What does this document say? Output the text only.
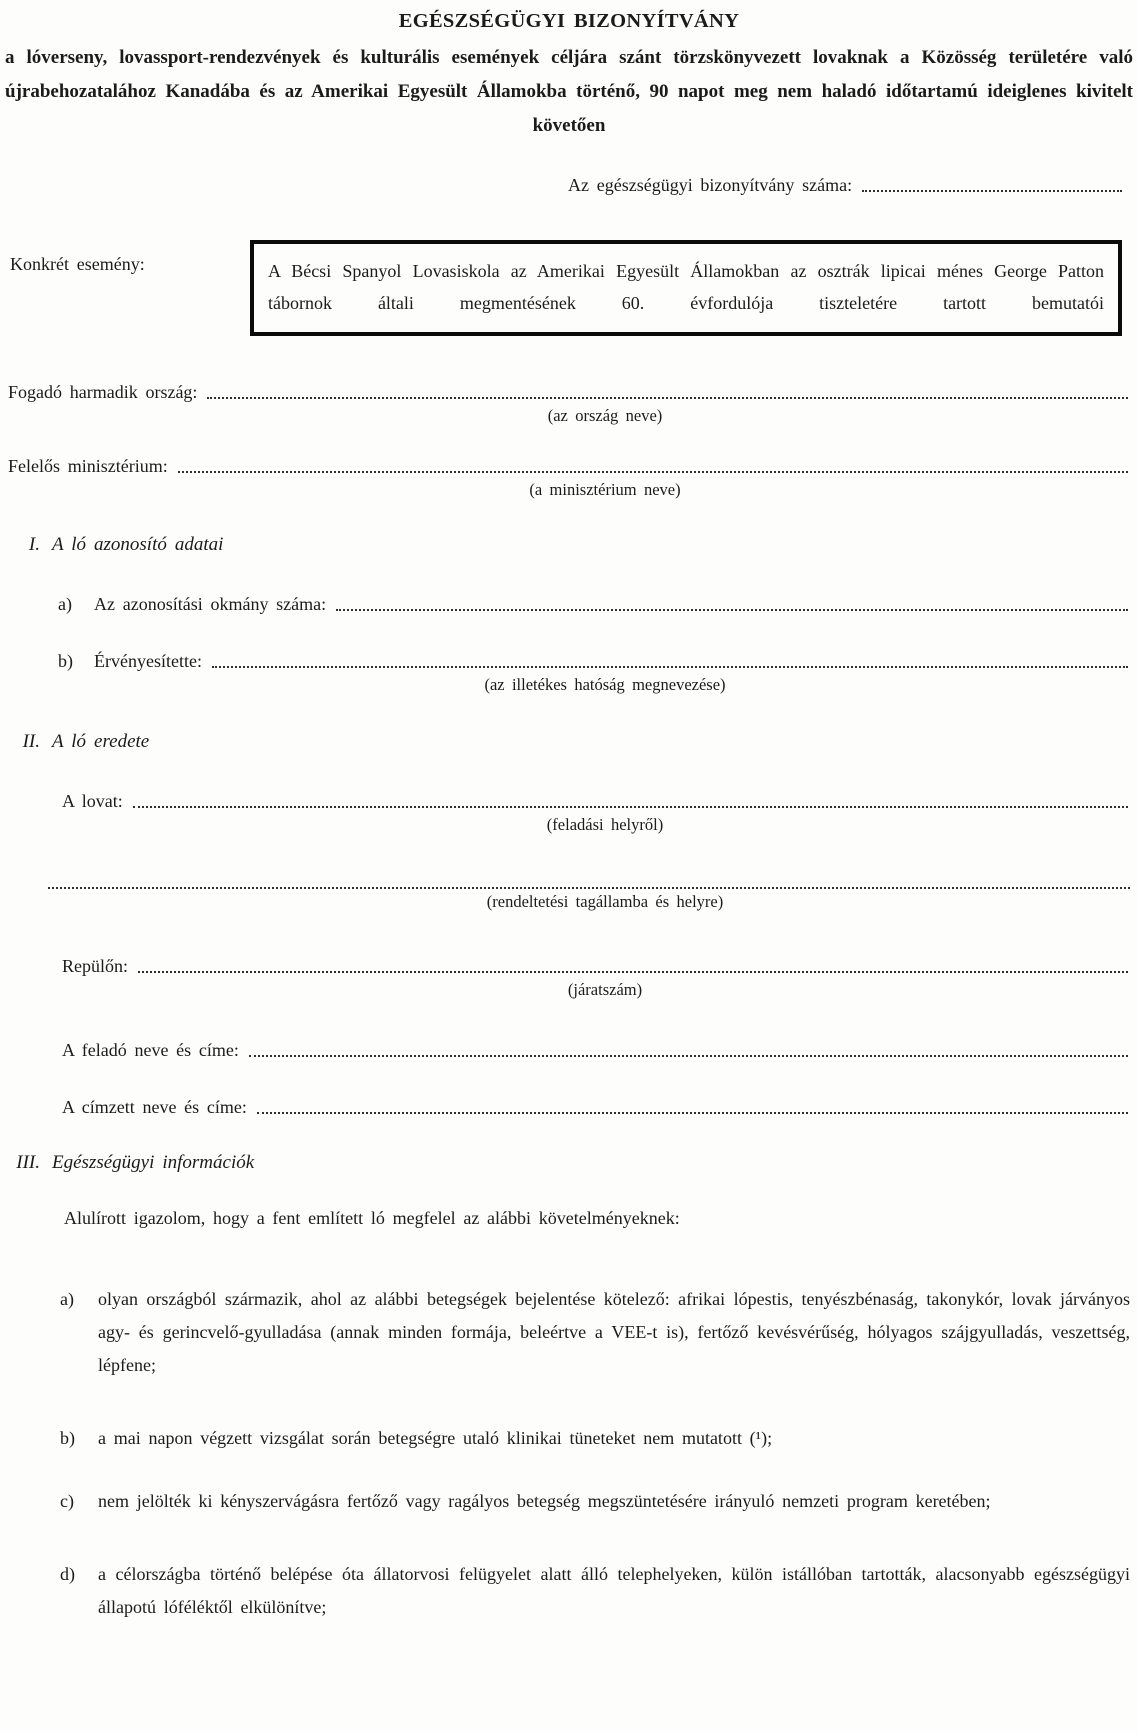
EGÉSZSÉGÜGYI BIZONYÍTVÁNY
a lóverseny, lovassport-rendezvények és kulturális események céljára szánt törzskönyvezett lovaknak a Közösség területére való újrabehozatalához Kanadába és az Amerikai Egyesült Államokba történő, 90 napot meg nem haladó időtartamú ideiglenes kivitelt követően
Az egészségügyi bizonyítvány száma:
Konkrét esemény:	A Bécsi Spanyol Lovasiskola az Amerikai Egyesült Államokban az osztrák lipicai ménes George Patton tábornok általi megmentésének 60. évfordulója tiszteletére tartott bemutatói
Fogadó harmadik ország:
(az ország neve)
Felelős minisztérium:
(a minisztérium neve)
I. A ló azonosító adatai
a)	Az azonosítási okmány száma:
b)	Érvényesítette:
(az illetékes hatóság megnevezése)
II. A ló eredete
A lovat:
(feladási helyről)
(rendeltetési tagállamba és helyre)
Repülőn:
(járatszám)
A feladó neve és címe:
A címzett neve és címe:
III. Egészségügyi információk
Alulírott igazolom, hogy a fent említett ló megfelel az alábbi követelményeknek:
a)	olyan országból származik, ahol az alábbi betegségek bejelentése kötelező: afrikai lópestis, tenyészbénaság, takonykór, lovak járványos agy- és gerincvelő-gyulladása (annak minden formája, beleértve a VEE-t is), fertőző kevésvérűség, hólyagos szájgyulladás, veszettség, lépfene;
b)	a mai napon végzett vizsgálat során betegségre utaló klinikai tüneteket nem mutatott (¹);
c)	nem jelölték ki kényszervágásra fertőző vagy ragályos betegség megszüntetésére irányuló nemzeti program keretében;
d)	a célországba történő belépése óta állatorvosi felügyelet alatt álló telephelyeken, külön istállóban tartották, alacsonyabb egészségügyi állapotú lóféléktől elkülönítve;
